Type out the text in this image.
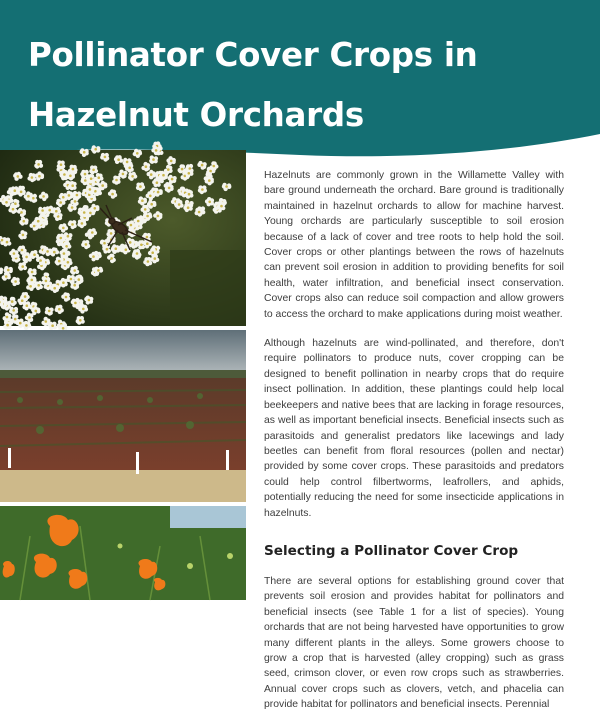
Pollinator Cover Crops in Hazelnut Orchards

Hazelnuts are commonly grown in the Willamette Valley with bare ground underneath the orchard. Bare ground is traditionally maintained in hazelnut orchards to allow for machine harvest. Young orchards are particularly susceptible to soil erosion because of a lack of cover and tree roots to help hold the soil. Cover crops or other plantings between the rows of hazelnuts can prevent soil erosion in addition to providing benefits for soil health, water infiltration, and beneficial insect conservation. Cover crops also can reduce soil compaction and allow growers to access the orchard to make applications during moist weather.

Although hazelnuts are wind-pollinated, and therefore, don't require pollinators to produce nuts, cover cropping can be designed to benefit pollination in nearby crops that do require insect pollination. In addition, these plantings could help local beekeepers and native bees that are lacking in forage resources, as well as important beneficial insects. Beneficial insects such as parasitoids and generalist predators like lacewings and lady beetles can benefit from floral resources (pollen and nectar) provided by some cover crops. These parasitoids and predators could help control filbertworms, leafrollers, and aphids, potentially reducing the need for some insecticide applications in hazelnuts.

Selecting a Pollinator Cover Crop

There are several options for establishing ground cover that prevents soil erosion and provides habitat for pollinators and beneficial insects (see Table 1 for a list of species). Young orchards that are not being harvested have opportunities to grow many different plants in the alleys. Some growers choose to grow a crop that is harvested (alley cropping) such as grass seed, crimson clover, or even row crops such as strawberries. Annual cover crops such as clovers, vetch, and phacelia can provide habitat for pollinators and beneficial insects. Perennial
